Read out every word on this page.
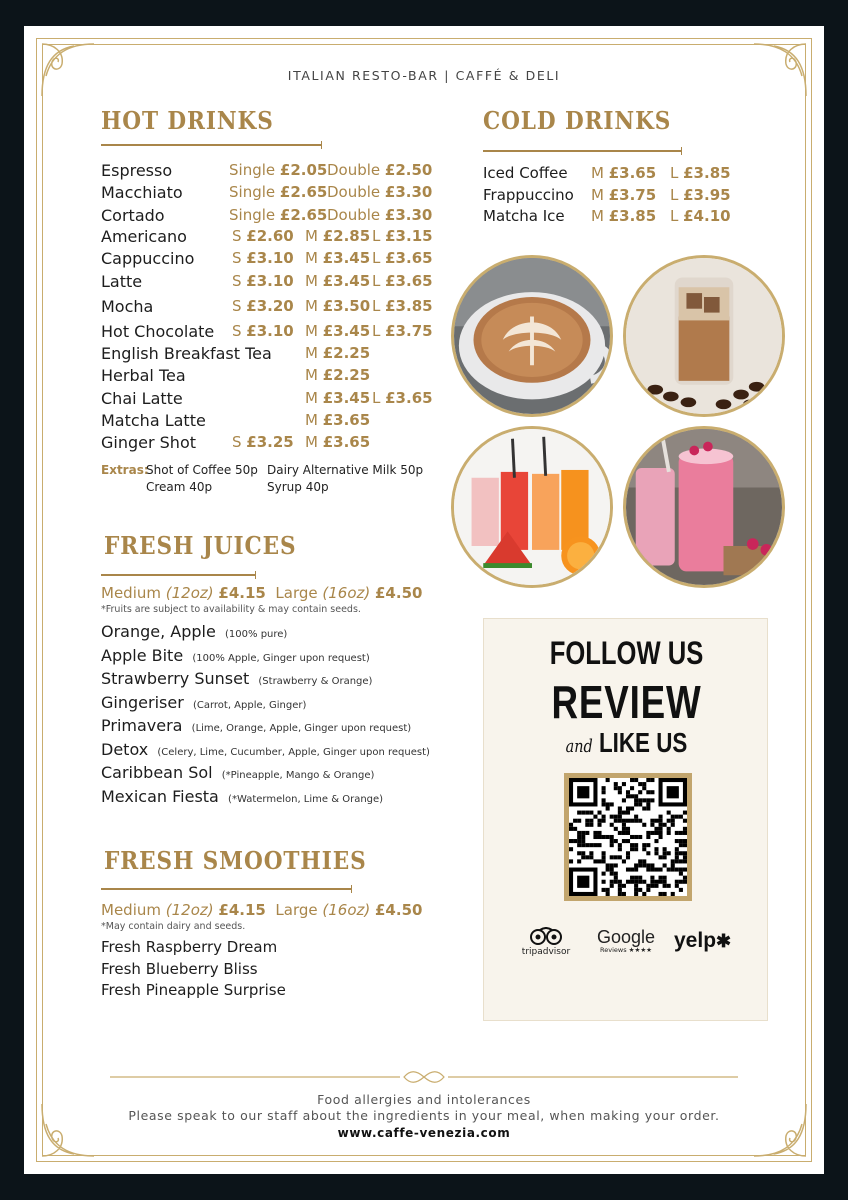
ITALIAN RESTO-BAR | CAFFÉ & DELI
HOT DRINKS
Espresso	Single £2.05 Double £2.50
Macchiato	Single £2.65 Double £3.30
Cortado	Single £2.65 Double £3.30
Americano	S £2.60 M £2.85 L £3.15
Cappuccino	S £3.10 M £3.45 L £3.65
Latte	S £3.10 M £3.45 L £3.65
Mocha	S £3.20 M £3.50 L £3.85
Hot Chocolate S £3.10 M £3.45 L £3.75
English Breakfast Tea M £2.25
Herbal Tea	M £2.25
Chai Latte	M £3.45 L £3.65
Matcha Latte	M £3.65
Ginger Shot S £3.25 M £3.65
Extras:
Shot of Coffee 50p Dairy Alternative Milk 50p
Cream 40p	Syrup 40p
COLD DRINKS
Iced Coffee M £3.65 L £3.85
Frappuccino M £3.75 L £3.95
Matcha Ice M £3.85 L £4.10
FRESH JUICES
Medium (12oz) £4.15 Large (16oz) £4.50
*Fruits are subject to availability & may contain seeds.
Orange, Apple (100% pure)
Apple Bite (100% Apple, Ginger upon request)
Strawberry Sunset (Strawberry & Orange)
Gingeriser (Carrot, Apple, Ginger)
Primavera (Lime, Orange, Apple, Ginger upon request)
Detox (Celery, Lime, Cucumber, Apple, Ginger upon request)
Caribbean Sol (*Pineapple, Mango & Orange)
Mexican Fiesta (*Watermelon, Lime & Orange)
FRESH SMOOTHIES
Medium (12oz) £4.15 Large (16oz) £4.50
*May contain dairy and seeds.
Fresh Raspberry Dream
Fresh Blueberry Bliss
Fresh Pineapple Surprise
FOLLOW US
REVIEW
and LIKE US
tripadvisor
Google
Reviews ★★★★	yelp✱
Food allergies and intolerances
Please speak to our staff about the ingredients in your meal, when making your order.
www.caffe-venezia.com
